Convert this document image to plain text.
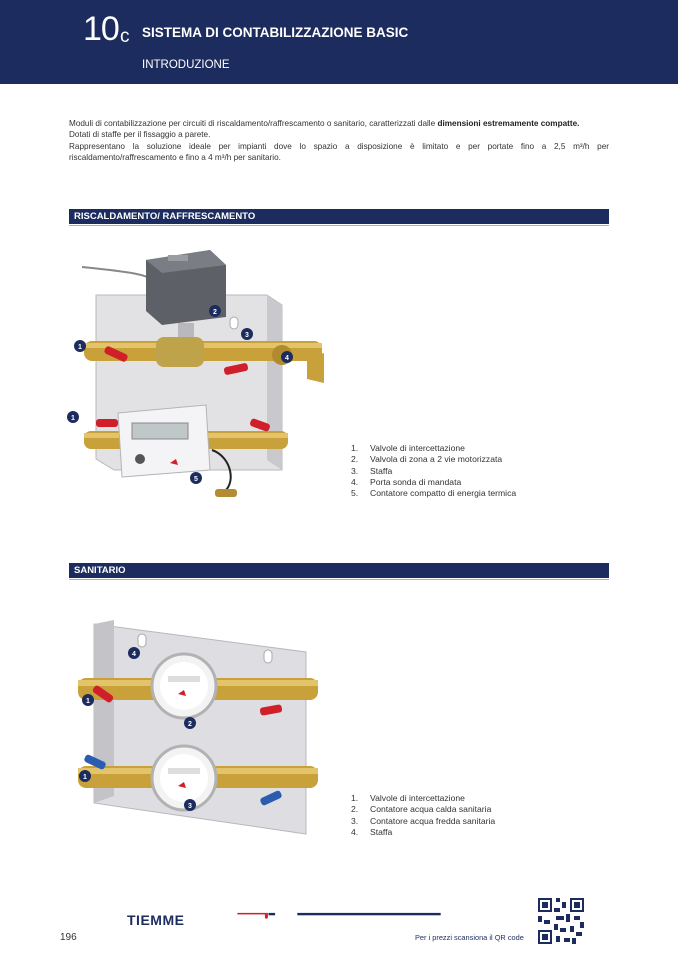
10 c SISTEMA DI CONTABILIZZAZIONE BASIC
INTRODUZIONE

Moduli di contabilizzazione per circuiti di riscaldamento/raffrescamento o sanitario, caratterizzati dalle dimensioni estremamente compatte.

Dotati di staffe per il fissaggio a parete.

Rappresentano la soluzione ideale per impianti dove lo spazio a disposizione è limitato e per portate fino a 2,5 m³/h per riscaldamento/raffrescamento e fino a 4 m³/h per sanitario.

RISCALDAMENTO/ RAFFRESCAMENTO
1
2
3
4
1
5
1.	Valvole di intercettazione
2.	Valvola di zona a 2 vie motorizzata
3.	Staffa
4.	Porta sonda di mandata
5.	Contatore compatto di energia termica
SANITARIO
4
1
2
1
3
1.	Valvole di intercettazione
2.	Contatore acqua calda sanitaria
3.	Contatore acqua fredda sanitaria
4.	Staffa
196
TIEMME
Per i prezzi scansiona il QR code
